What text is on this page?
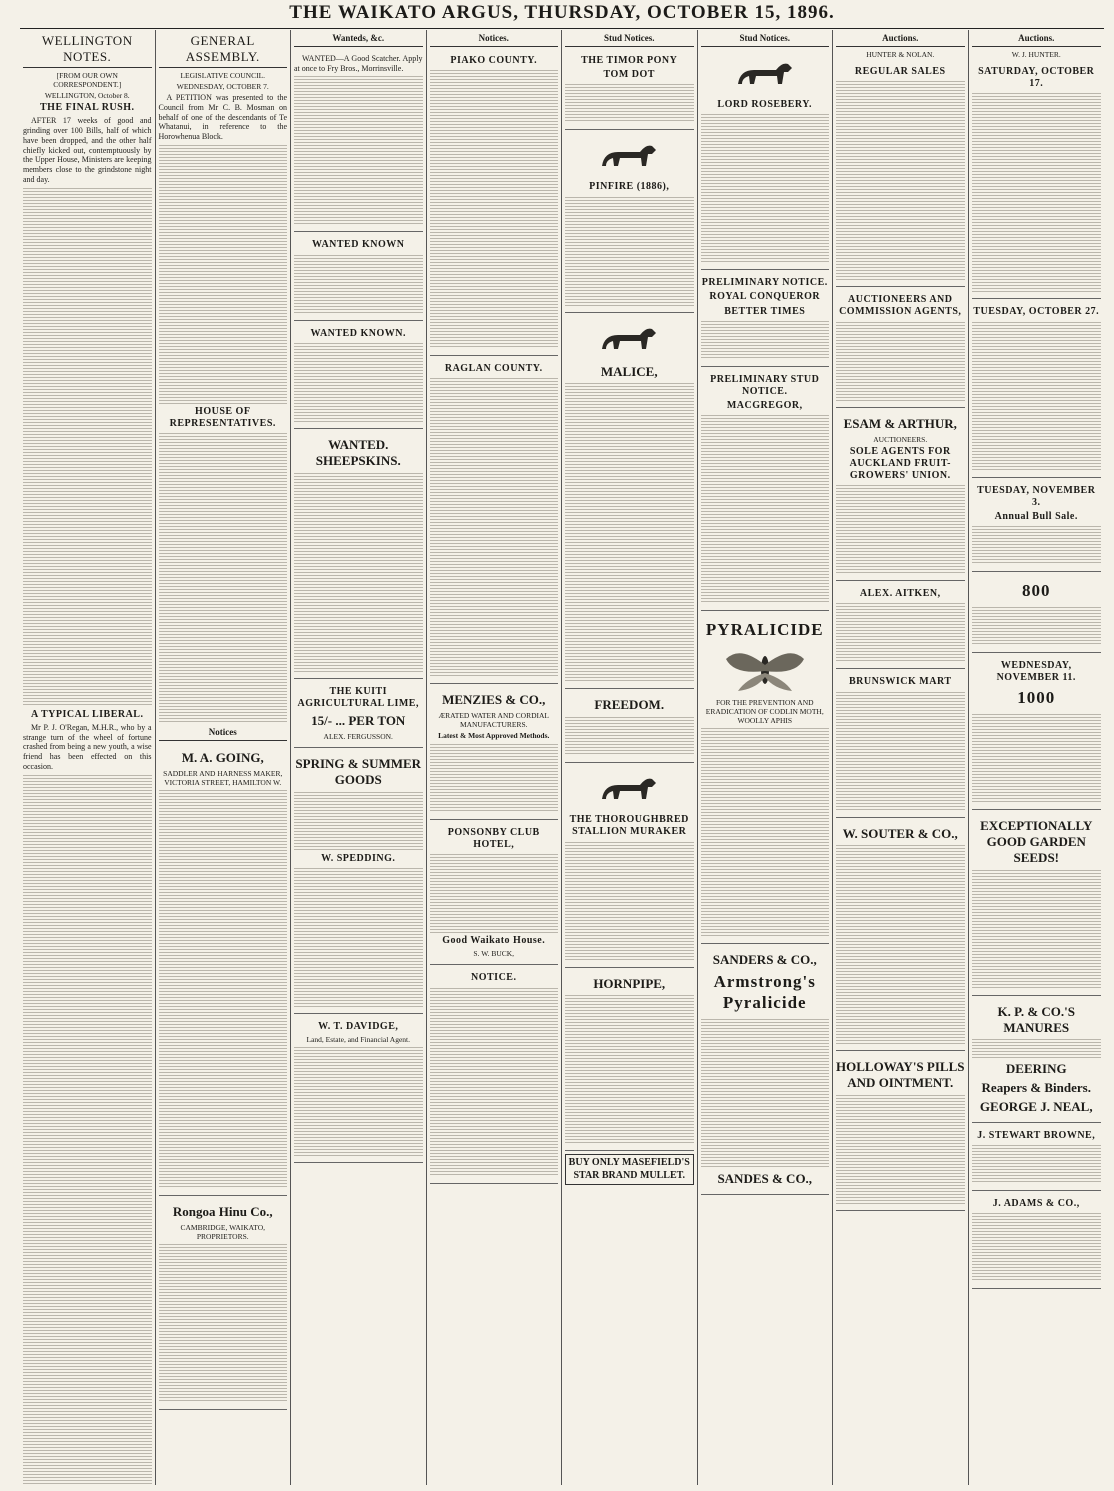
THE WAIKATO ARGUS, THURSDAY, OCTOBER 15, 1896.
WELLINGTON NOTES.
[FROM OUR OWN CORRESPONDENT.]
WELLINGTON, October 8.
THE FINAL RUSH.
AFTER 17 weeks of good and grinding over 100 Bills, half of which have been dropped, and the other half chiefly kicked out, contemptuously by the Upper House, Ministers are keeping members close to the grindstone night and day.
A TYPICAL LIBERAL.
Mr P. J. O'Regan, M.H.R., who by a strange turn of the wheel of fortune crashed from being a new youth, a wise friend has been effected on this occasion.
GENERAL ASSEMBLY.
LEGISLATIVE COUNCIL.
WEDNESDAY, OCTOBER 7.
A PETITION was presented to the Council from Mr C. B. Mosman on behalf of one of the descendants of Te Whatanui, in reference to the Horowhenua Block.
HOUSE OF REPRESENTATIVES.
Notices
M. A. GOING,
SADDLER AND HARNESS MAKER, VICTORIA STREET, HAMILTON W.
Rongoa Hinu Co.,
CAMBRIDGE, WAIKATO, PROPRIETORS.
Wanteds, &c.
WANTED—A Good Scatcher. Apply at once to Fry Bros., Morrinsville.
WANTED KNOWN
WANTED KNOWN.
WANTED. SHEEPSKINS.
THE KUITI AGRICULTURAL LIME,
15/- ... PER TON
ALEX. FERGUSSON.
SPRING & SUMMER GOODS
W. SPEDDING.
W. T. DAVIDGE,
Land, Estate, and Financial Agent.
Notices.
PIAKO COUNTY.
RAGLAN COUNTY.
MENZIES & CO.,
ÆRATED WATER AND CORDIAL MANUFACTURERS.
Latest & Most Approved Methods.
PONSONBY CLUB HOTEL,
Good Waikato House.
S. W. BUCK,
NOTICE.
Stud Notices.
THE TIMOR PONY
TOM DOT
PINFIRE (1886),
MALICE,
FREEDOM.
THE THOROUGHBRED STALLION MURAKER
HORNPIPE,
BUY ONLY MASEFIELD'S STAR BRAND MULLET.
Stud Notices.
LORD ROSEBERY.
PRELIMINARY NOTICE.
ROYAL CONQUEROR
BETTER TIMES
PRELIMINARY STUD NOTICE.
MACGREGOR,
PYRALICIDE
FOR THE PREVENTION AND ERADICATION OF CODLIN MOTH, WOOLLY APHIS
SANDERS & CO.,
Armstrong's Pyralicide
SANDES & CO.,
Auctions.
HUNTER & NOLAN.
REGULAR SALES
AUCTIONEERS AND COMMISSION AGENTS,
ESAM & ARTHUR,
AUCTIONEERS.
SOLE AGENTS FOR AUCKLAND FRUIT-GROWERS' UNION.
ALEX. AITKEN,
BRUNSWICK MART
W. SOUTER & CO.,
HOLLOWAY'S PILLS AND OINTMENT.
Auctions.
W. J. HUNTER.
SATURDAY, OCTOBER 17.
TUESDAY, OCTOBER 27.
TUESDAY, NOVEMBER 3.
Annual Bull Sale.
800
WEDNESDAY, NOVEMBER 11.
1000
EXCEPTIONALLY GOOD GARDEN SEEDS!
K. P. & CO.'S MANURES
DEERING
Reapers & Binders.
GEORGE J. NEAL,
J. STEWART BROWNE,
J. ADAMS & CO.,
